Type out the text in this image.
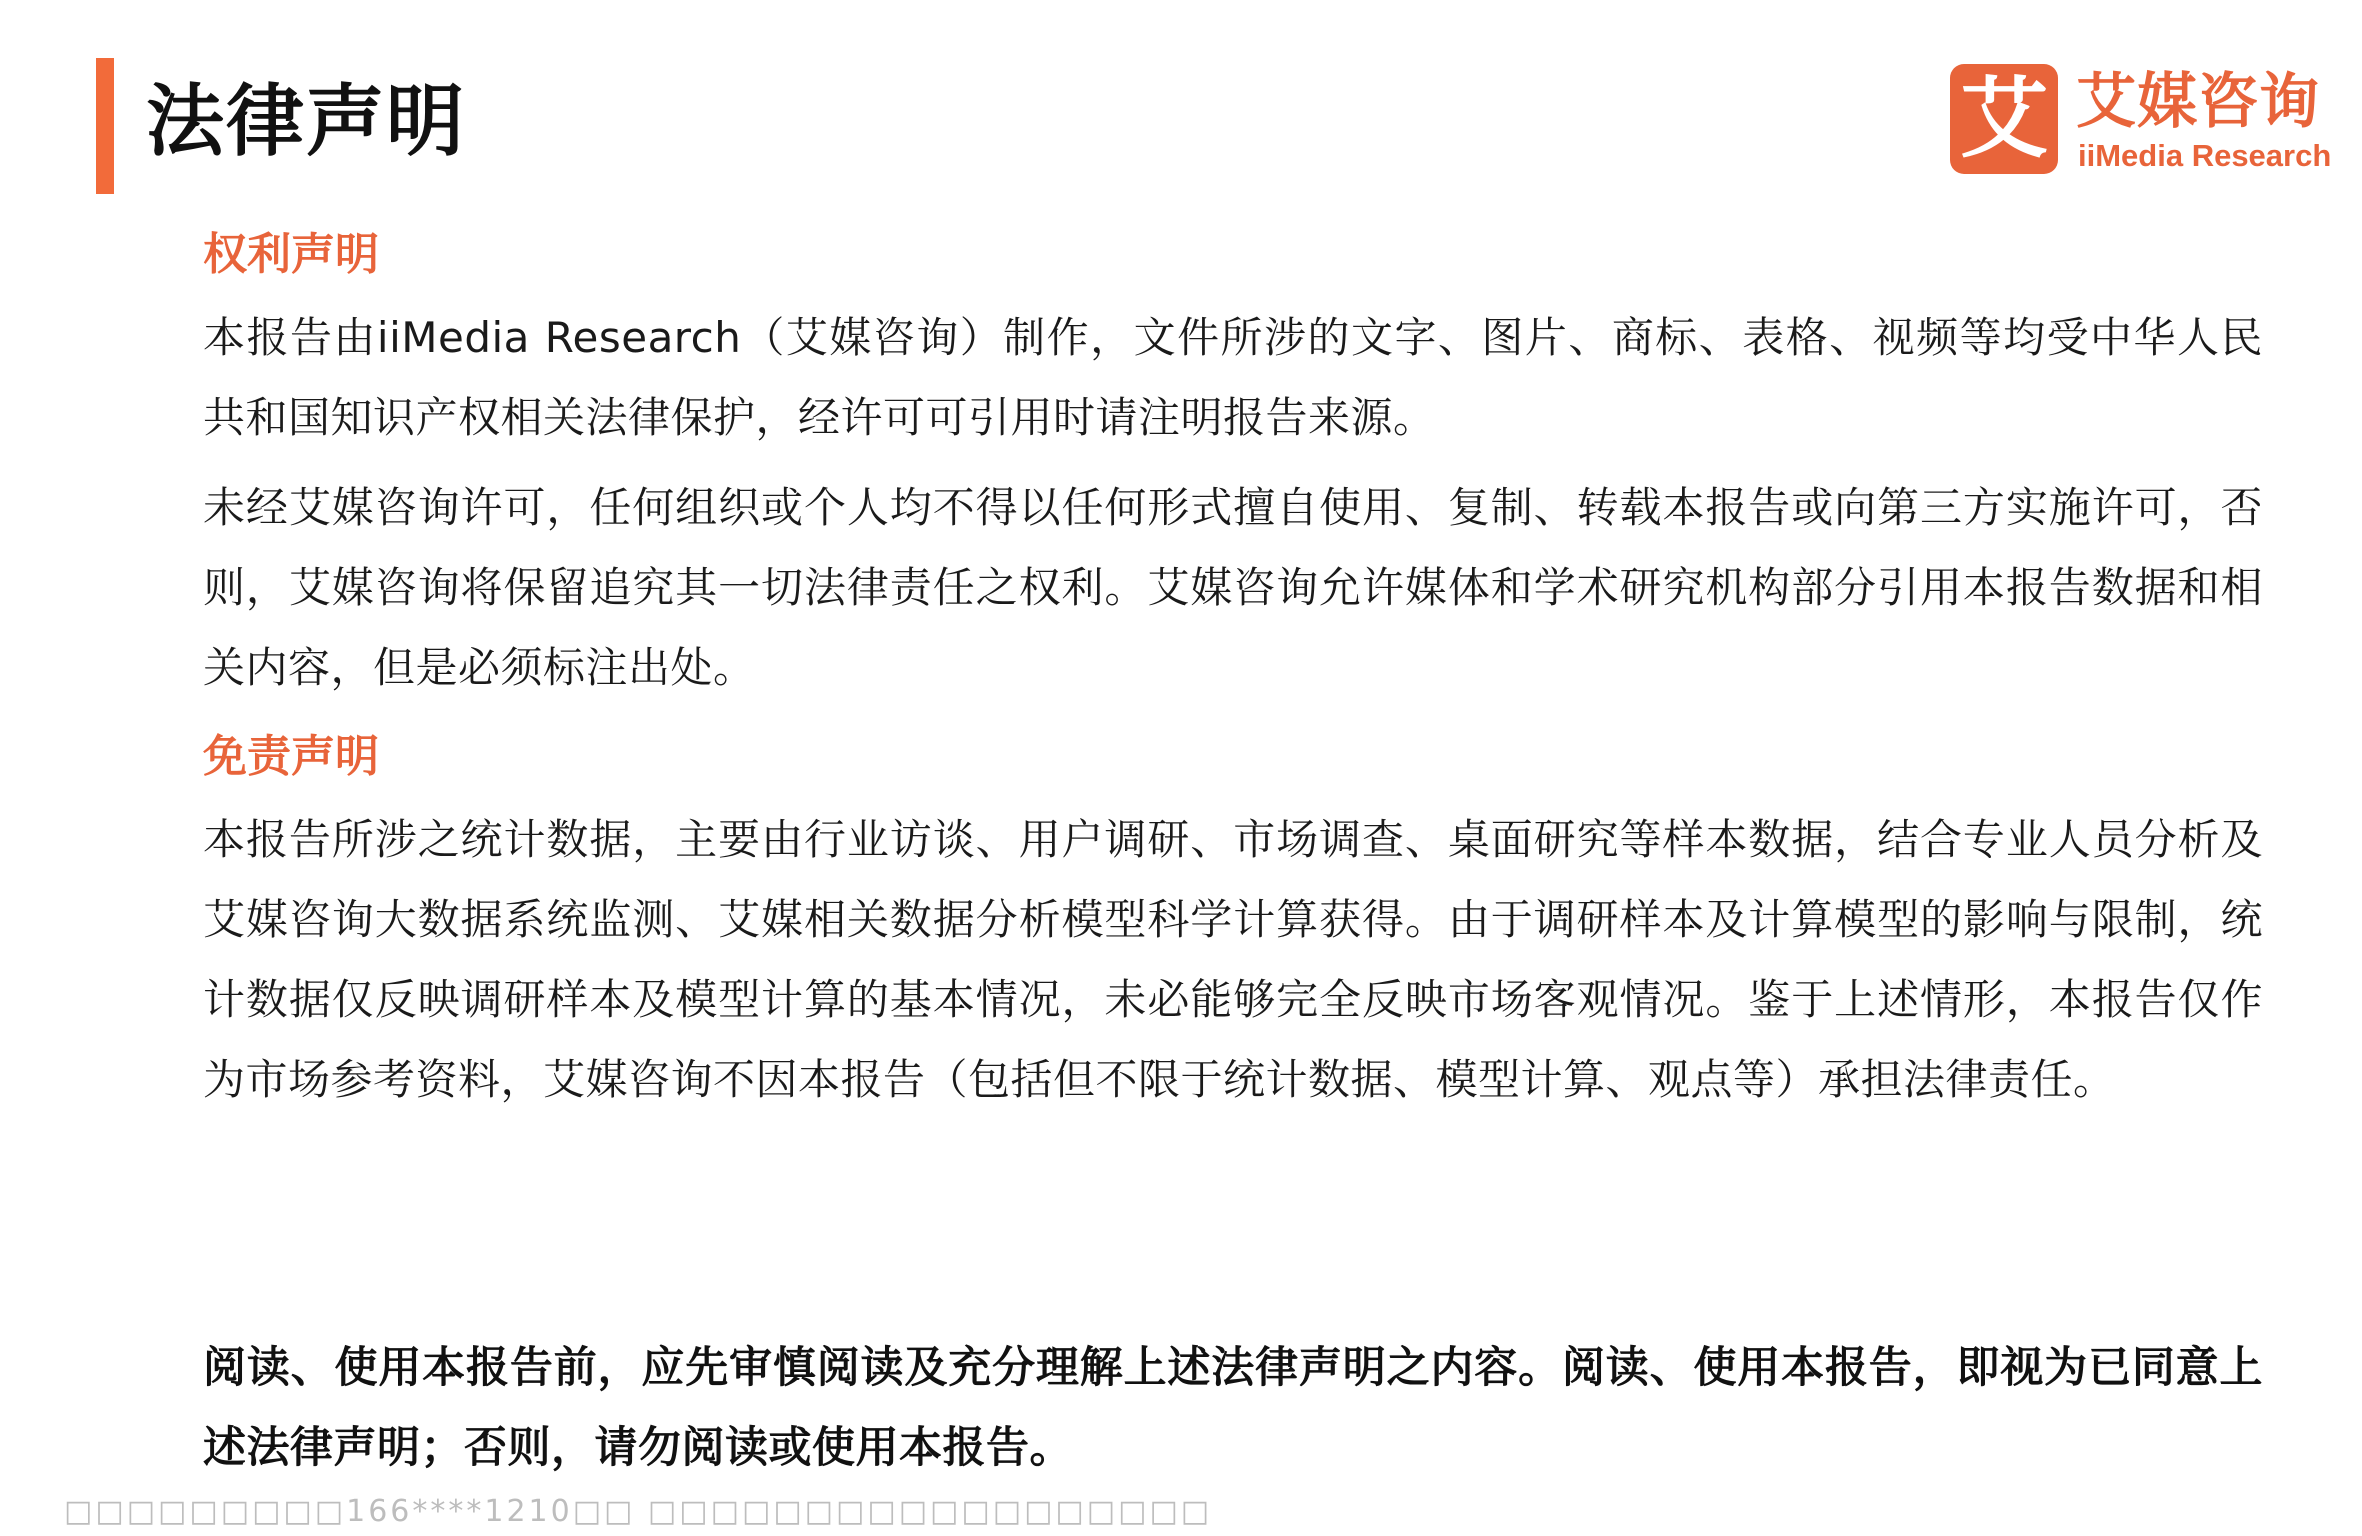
法律声明	艾 艾媒咨询
iiMedia Research
权利声明

本报告由iiMedia Research（艾媒咨询）制作，文件所涉的文字、图片、商标、表格、视频等均受中华人民共和国知识产权相关法律保护，经许可可引用时请注明报告来源。

未经艾媒咨询许可，任何组织或个人均不得以任何形式擅自使用、复制、转载本报告或向第三方实施许可，否则，艾媒咨询将保留追究其一切法律责任之权利。艾媒咨询允许媒体和学术研究机构部分引用本报告数据和相关内容，但是必须标注出处。

免责声明

本报告所涉之统计数据，主要由行业访谈、用户调研、市场调查、桌面研究等样本数据，结合专业人员分析及艾媒咨询大数据系统监测、艾媒相关数据分析模型科学计算获得。由于调研样本及计算模型的影响与限制，统计数据仅反映调研样本及模型计算的基本情况，未必能够完全反映市场客观情况。鉴于上述情形，本报告仅作为市场参考资料，艾媒咨询不因本报告（包括但不限于统计数据、模型计算、观点等）承担法律责任。

阅读、使用本报告前，应先审慎阅读及充分理解上述法律声明之内容。阅读、使用本报告，即视为已同意上述法律声明；否则，请勿阅读或使用本报告。

□□□□□□□□□166****1210□□ □□□□□□□□□□□□□□□□□□
